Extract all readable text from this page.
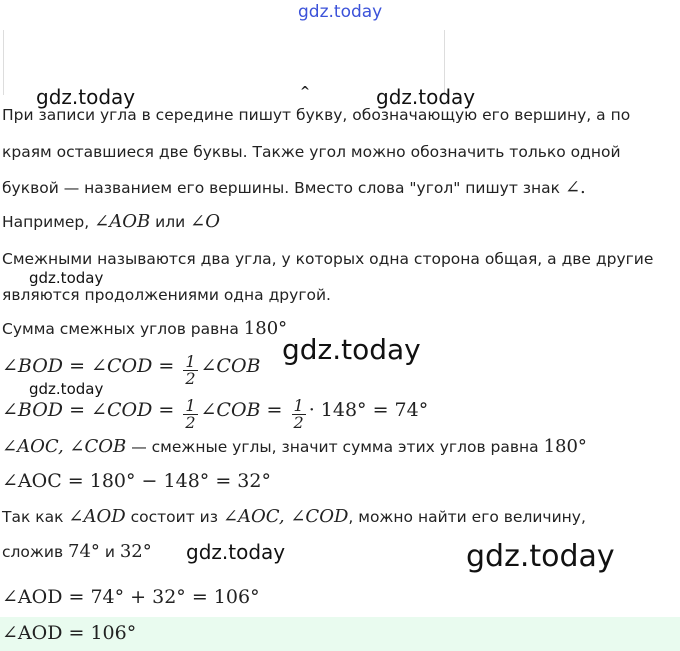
^
gdz.today
gdz.today	gdz.today
При записи угла в середине пишут букву, обозначающую его вершину, а по
краям оставшиеся две буквы. Также угол можно обозначить только одной
буквой — названием его вершины. Вместо слова "угол" пишут знак ∠.
Например, ∠AOB или ∠O
Смежными называются два угла, у которых одна сторона общая, а две другие
являются продолжениями одна другой.
gdz.today
Сумма смежных углов равна 180°
∠BOD = ∠COD = $\frac{1}{2}$ ∠COB gdz.today
gdz.today
∠BOD = ∠COD = $\frac{1}{2}$ ∠COB = $\frac{1}{2} \cdot 148^\circ = 74^\circ$
∠AOC, ∠COB — смежные углы, значит сумма этих углов равна 180°
∠AOC = 180° − 148° = 32°
Так как ∠AOD состоит из ∠AOC, ∠COD, можно найти его величину,
сложив 74° и 32° gdz.today	gdz.today
∠AOD = 74° + 32° = 106°
∠AOD = 106°
